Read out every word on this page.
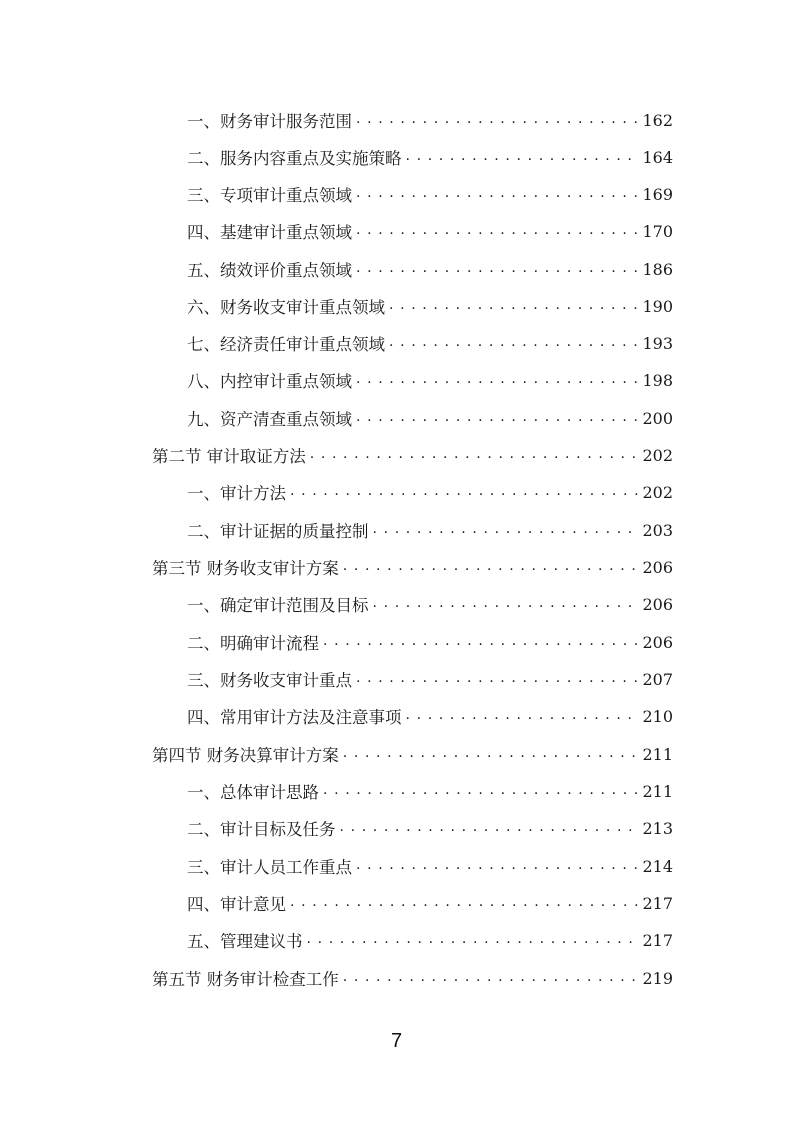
一、财务审计服务范围 . . .	162
二、服务内容重点及实施策略 . . .	164
三、专项审计重点领域 . . .	169
四、基建审计重点领域 . . .	170
五、绩效评价重点领域 . . .	186
六、财务收支审计重点领域 . . .	190
七、经济责任审计重点领域 . . .	193
八、内控审计重点领域 . . .	198
九、资产清查重点领域 . . .	200
第二节 审计取证方法 . . .	202
一、审计方法 . . .	202
二、审计证据的质量控制 . . .	203
第三节 财务收支审计方案 . . .	206
一、确定审计范围及目标 . . .	206
二、明确审计流程 . . .	206
三、财务收支审计重点 . . .	207
四、常用审计方法及注意事项 . . .	210
第四节 财务决算审计方案 . . .	211
一、总体审计思路 . . .	211
二、审计目标及任务 . . .	213
三、审计人员工作重点 . . .	214
四、审计意见 . . .	217
五、管理建议书 . . .	217
第五节 财务审计检查工作 . . .	219
7
